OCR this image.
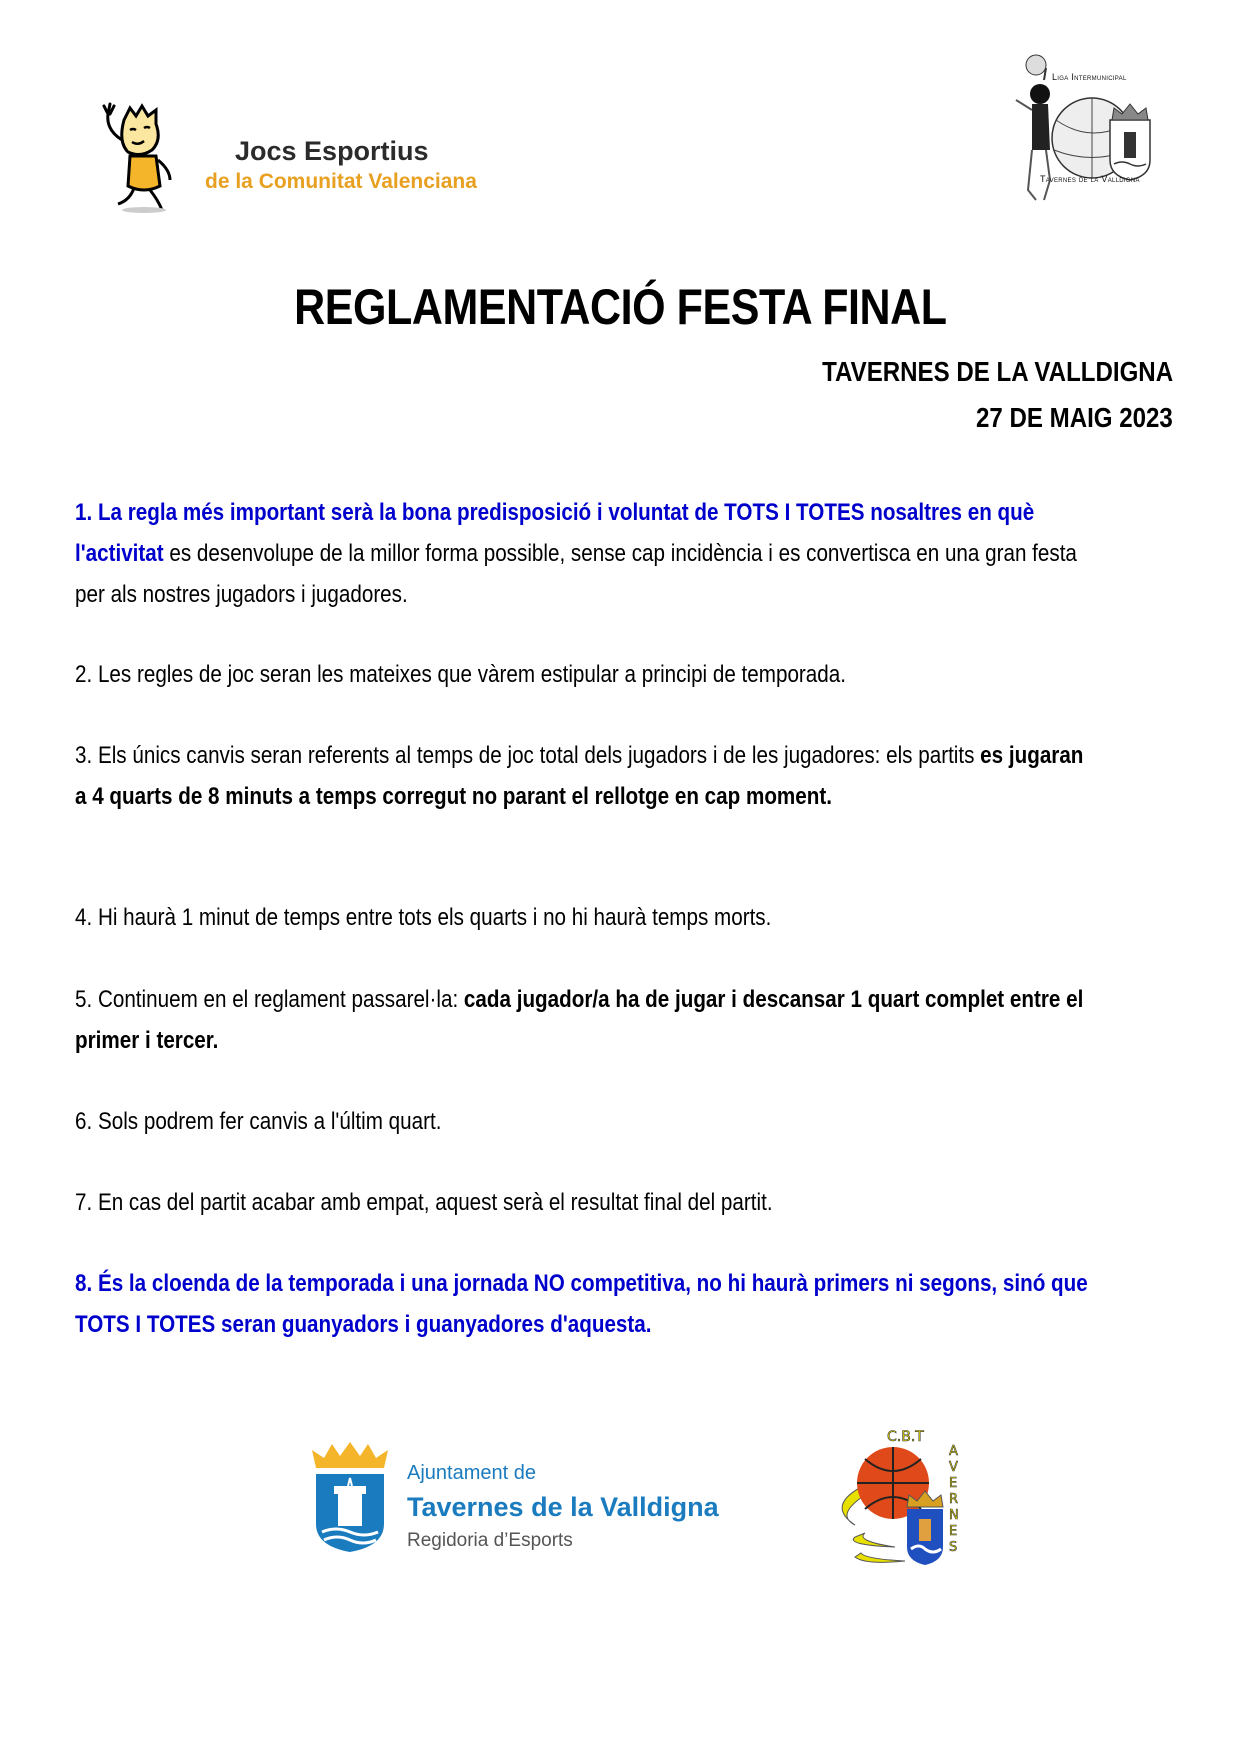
Jocs Esportius
de la Comunitat Valenciana
Liga Intermunicipal
Tavernes de la Valldigna
REGLAMENTACIÓ FESTA FINAL
TAVERNES DE LA VALLDIGNA
27 DE MAIG 2023
1. La regla més important serà la bona predisposició i voluntat de TOTS I TOTES nosaltres en què l'activitat es desenvolupe de la millor forma possible, sense cap incidència i es convertisca en una gran festa per als nostres jugadors i jugadores.
2. Les regles de joc seran les mateixes que vàrem estipular a principi de temporada.
3. Els únics canvis seran referents al temps de joc total dels jugadors i de les jugadores: els partits es jugaran a 4 quarts de 8 minuts a temps corregut no parant el rellotge en cap moment.
4. Hi haurà 1 minut de temps entre tots els quarts i no hi haurà temps morts.
5. Continuem en el reglament passarel·la: cada jugador/a ha de jugar i descansar 1 quart complet entre el primer i tercer.
6. Sols podrem fer canvis a l'últim quart.
7. En cas del partit acabar amb empat, aquest serà el resultat final del partit.
8. És la cloenda de la temporada i una jornada NO competitiva, no hi haurà primers ni segons, sinó que TOTS I TOTES seran guanyadors i guanyadores d'aquesta.
Ajuntament de
Tavernes de la Valldigna
Regidoria d’Esports
C.B.T
A
V
E
R
N
E
S
